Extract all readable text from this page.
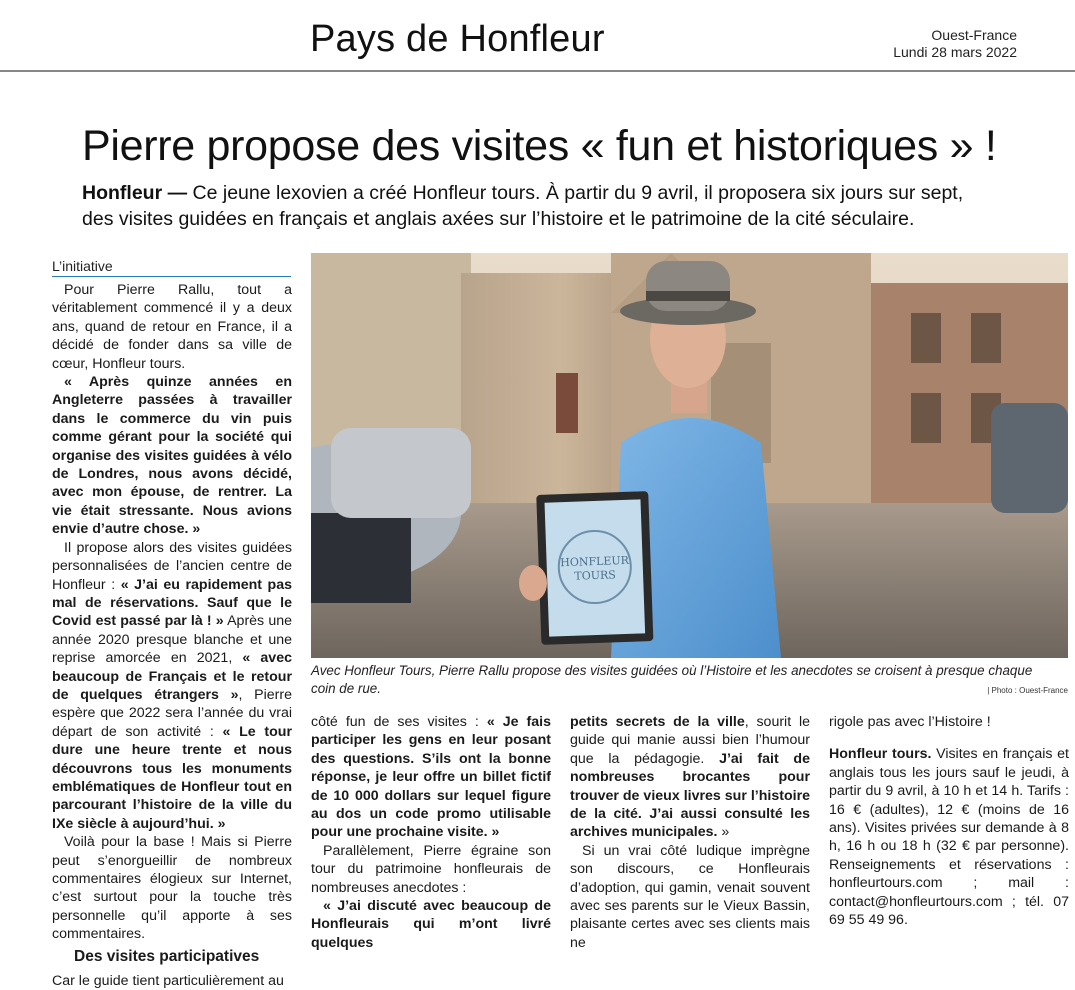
Pays de Honfleur	Ouest-France
Lundi 28 mars 2022
Pierre propose des visites « fun et historiques » !
Honfleur — Ce jeune lexovien a créé Honfleur tours. À partir du 9 avril, il proposera six jours sur sept, des visites guidées en français et anglais axées sur l’histoire et le patrimoine de la cité séculaire.
L’initiative

Pour Pierre Rallu, tout a véritablement commencé il y a deux ans, quand de retour en France, il a décidé de fonder dans sa ville de cœur, Honfleur tours.

« Après quinze années en Angleterre passées à travailler dans le commerce du vin puis comme gérant pour la société qui organise des visites guidées à vélo de Londres, nous avons décidé, avec mon épouse, de rentrer. La vie était stressante. Nous avions envie d’autre chose. »

Il propose alors des visites guidées personnalisées de l’ancien centre de Honfleur : « J’ai eu rapidement pas mal de réservations. Sauf que le Covid est passé par là ! » Après une année 2020 presque blanche et une reprise amorcée en 2021, « avec beaucoup de Français et le retour de quelques étrangers », Pierre espère que 2022 sera l’année du vrai départ de son activité : « Le tour dure une heure trente et nous découvrons tous les monuments emblématiques de Honfleur tout en parcourant l’histoire de la ville du IXe siècle à aujourd’hui. »

Voilà pour la base ! Mais si Pierre peut s’enorgueillir de nombreux commentaires élogieux sur Internet, c’est surtout pour la touche très personnelle qu’il apporte à ses commentaires.

Des visites participatives

Car le guide tient particulièrement au

HONFLEUR
TOURS
Avec Honfleur Tours, Pierre Rallu propose des visites guidées où l’Histoire et les anecdotes se croisent à presque chaque coin de rue.	| Photo : Ouest-France

côté fun de ses visites : « Je fais participer les gens en leur posant des questions. S’ils ont la bonne réponse, je leur offre un billet fictif de 10 000 dollars sur lequel figure au dos un code promo utilisable pour une prochaine visite. »

Parallèlement, Pierre égraine son tour du patrimoine honfleurais de nombreuses anecdotes :

« J’ai discuté avec beaucoup de Honfleurais qui m’ont livré quelques

petits secrets de la ville, sourit le guide qui manie aussi bien l’humour que la pédagogie. J’ai fait de nombreuses brocantes pour trouver de vieux livres sur l’histoire de la cité. J’ai aussi consulté les archives municipales. »

Si un vrai côté ludique imprègne son discours, ce Honfleurais d’adoption, qui gamin, venait souvent avec ses parents sur le Vieux Bassin, plaisante certes avec ses clients mais ne

rigole pas avec l’Histoire !

Honfleur tours. Visites en français et anglais tous les jours sauf le jeudi, à partir du 9 avril, à 10 h et 14 h. Tarifs : 16 € (adultes), 12 € (moins de 16 ans). Visites privées sur demande à 8 h, 16 h ou 18 h (32 € par personne). Renseignements et réservations : honfleurtours.com ; mail : contact@honfleurtours.com ; tél. 07 69 55 49 96.
